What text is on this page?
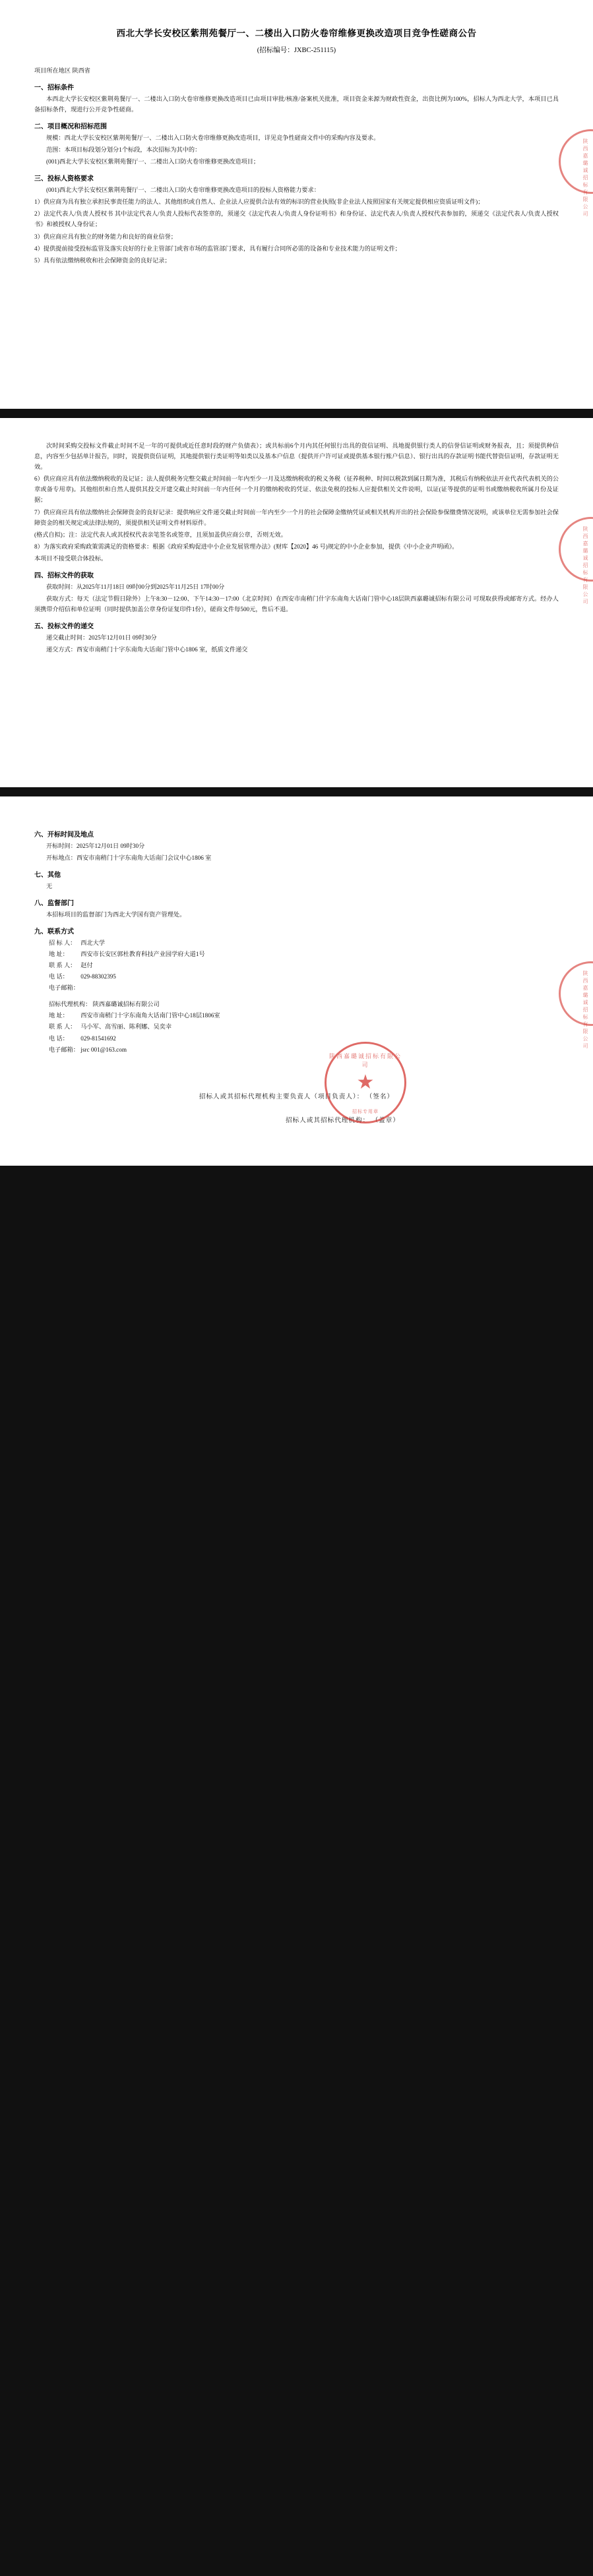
西北大学长安校区紫荆苑餐厅一、二楼出入口防火卷帘维修更换改造项目竞争性磋商公告
(招标编号：JXBC-251115)

项目所在地区 陕西省

一、招标条件

本西北大学长安校区紫荆苑餐厅一、二楼出入口防火卷帘维修更换改造项目已由项目审批/核准/备案机关批准，项目资金来源为财政性资金，出资比例为100%，招标人为西北大学，本项目已具备招标条件，现进行公开竞争性磋商。

二、项目概况和招标范围

规模：西北大学长安校区紫荆苑餐厅一、二楼出入口防火卷帘维修更换改造项目，详见竞争性磋商文件中的采购内容及要求。

范围：本项目标段划分划分1个标段，本次招标为其中的：

(001)西北大学长安校区紫荆苑餐厅一、二楼出入口防火卷帘维修更换改造项目；

三、投标人资格要求

(001)西北大学长安校区紫荆苑餐厅一、二楼出入口防火卷帘维修更换改造项目的投标人资格能力要求：

1）供应商为具有独立承担民事责任能力的法人、其他组织或自然人、企业法人应提供合法有效的标识的营业执照(非企业法人按照国家有关规定提供相应资质证明文件)；

2）法定代表人/负责人授权书 其中法定代表人/负责人投标代表签章的，须递交《法定代表人/负责人身份证明书》和身份证、法定代表人/负责人授权代表参加的，须递交《法定代表人/负责人授权书》和被授权人身份证；

3）供应商应具有独立的财务能力和良好的商业信誉；

4）提供提前接受投标监管及落实良好的行业主管部门或省市场的监管部门要求，具有履行合同所必需的设备和专业技术能力的证明文件；

5）具有依法缴纳税收和社会保障资金的良好记录；

陕西嘉璐诚招标有限公司

次时间采购交投标文件截止时间不足一年的可提供或近任意时段的财产负债表）；或共标前6个月内其任何银行出具的资信证明、具地提供银行类人的信誉信证明或财务报表，且；须提供种信息，内容至少包括单计报告，同时，说提供资信证明，其地提供银行类证明等如类以及基本户信息（提供开户许可证或提供基本银行账户信息）、银行出具的存款证明书能代替资信证明，存款证明无效。

6）供应商应具有依法缴纳税收的及记证；法人提供税务完整交截止时间前一年内至少一月及达缴纳税收的税义务税（征养税种、时间以税款到属日期为准，其税后有纳税依法开业代表代表机关的公章或备专用章)。其他组织和自然人提供其投交开建交截止时间前一年内任何一个月的缴纳税收的凭证、依法免税的投标人应提供相关文件说明，以证(证等提供的证明书或缴纳税收所属月份及证据；

7）供应商应具有依法缴纳社会保障资金的良好记录：提供响应文件递交截止时间前一年内至少一个月的社会保障金缴纳凭证或相关机构开出的社会保险参保缴费情况说明，或该单位无需参加社会保障资金的相关规定或法律法规的，须提供相关证明文件材料原件。

(格式自拟)；注：法定代表人或其授权代表亲笔签名或签章，且须加盖供应商公章，否则无效。

8）为落实政府采购政策需满足的资格要求：根据《政府采购促进中小企业发展管理办法》(财库【2020】46 号)规定的中小企业参加，提供《中小企业声明函》。

本项目不接受联合体投标。

四、招标文件的获取

获取时间：从2025年11月18日 09时00分到2025年11月25日 17时00分

获取方式：每天（法定节假日除外）上午8:30－12:00、下午14:30－17:00（北京时间）在西安市南稍门什字东南角大话南门管中心18层陕西嘉璐诚招标有限公司 可现取获得或邮寄方式。经办人须携带介绍信和单位证明（同时提供加盖公章身份证复印件1份），磋商文件每500元，售后不退。

五、投标文件的递交

递交截止时间：2025年12月01日 09时30分

递交方式：西安市南稍门十字东南角大话南门管中心1806 室，纸质文件递交

陕西嘉璐诚招标有限公司
六、开标时间及地点

开标时间：2025年12月01日 09时30分

开标地点：西安市南稍门十字东南角大话南门会议中心1806 室

七、其他

无

八、监督部门

本招标项目的监督部门为西北大学国有资产管理处。

九、联系方式

招 标 人： 西北大学

地 址： 西安市长安区郭杜教育科技产业园学府大道1号

联 系 人： 赵付

电 话： 029-88302395

电子邮箱：

招标代理机构： 陕西嘉璐诚招标有限公司

地 址： 西安市南稍门十字东南角大话南门管中心18层1806室

联 系 人： 马小军、高雪丽、陈利娜、吴奕幸

电 话： 029-81541692

电子邮箱： jsrc 001@163.com

招标人或其招标代理机构主要负责人（项目负责人）： （签名）
招标人或其招标代理机构： （盖章）
陕西嘉璐诚招标有限公司
★
招标专用章
陕西嘉璐诚招标有限公司
